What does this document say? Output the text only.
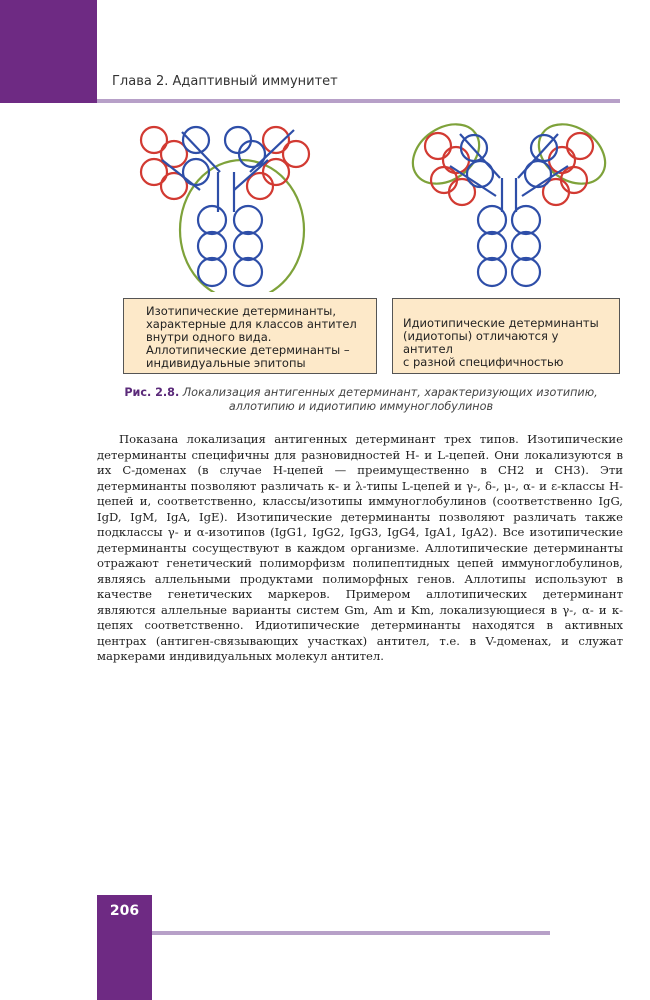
Глава 2. Адаптивный иммунитет

Изотипические детерминанты,

характерные для классов антител

внутри одного вида.

Аллотипические детерминанты –

индивидуальные эпитопы

Идиотипические детерминанты

(идиотопы) отличаются у антител

с разной специфичностью

Рис. 2.8. Локализация антигенных детерминант, характеризующих изотипию, аллотипию и идиотипию иммуноглобулинов

Показана локализация антигенных детерминант трех типов. Изотипические детерминанты специфичны для разновидностей H- и L-цепей. Они локализуются в их C-доменах (в случае H-цепей — преимущественно в CH2 и CH3). Эти детерминанты позволяют различать κ- и λ-типы L-цепей и γ-, δ-, μ-, α- и ε-классы H-цепей и, соответственно, классы/изотипы иммуноглобулинов (соответственно IgG, IgD, IgM, IgA, IgE). Изотипические детерминанты позволяют различать также подклассы γ- и α-изотипов (IgG1, IgG2, IgG3, IgG4, IgA1, IgA2). Все изотипические детерминанты сосуществуют в каждом организме. Аллотипические детерминанты отражают генетический полиморфизм полипептидных цепей иммуноглобулинов, являясь аллельными продуктами полиморфных генов. Аллотипы используют в качестве генетических маркеров. Примером аллотипических детерминант являются аллельные варианты систем Gm, Am и Km, локализующиеся в γ-, α- и κ-цепях соответственно. Идиотипические детерминанты находятся в активных центрах (антиген-связывающих участках) антител, т.е. в V-доменах, и служат маркерами индивидуальных молекул антител.

206
